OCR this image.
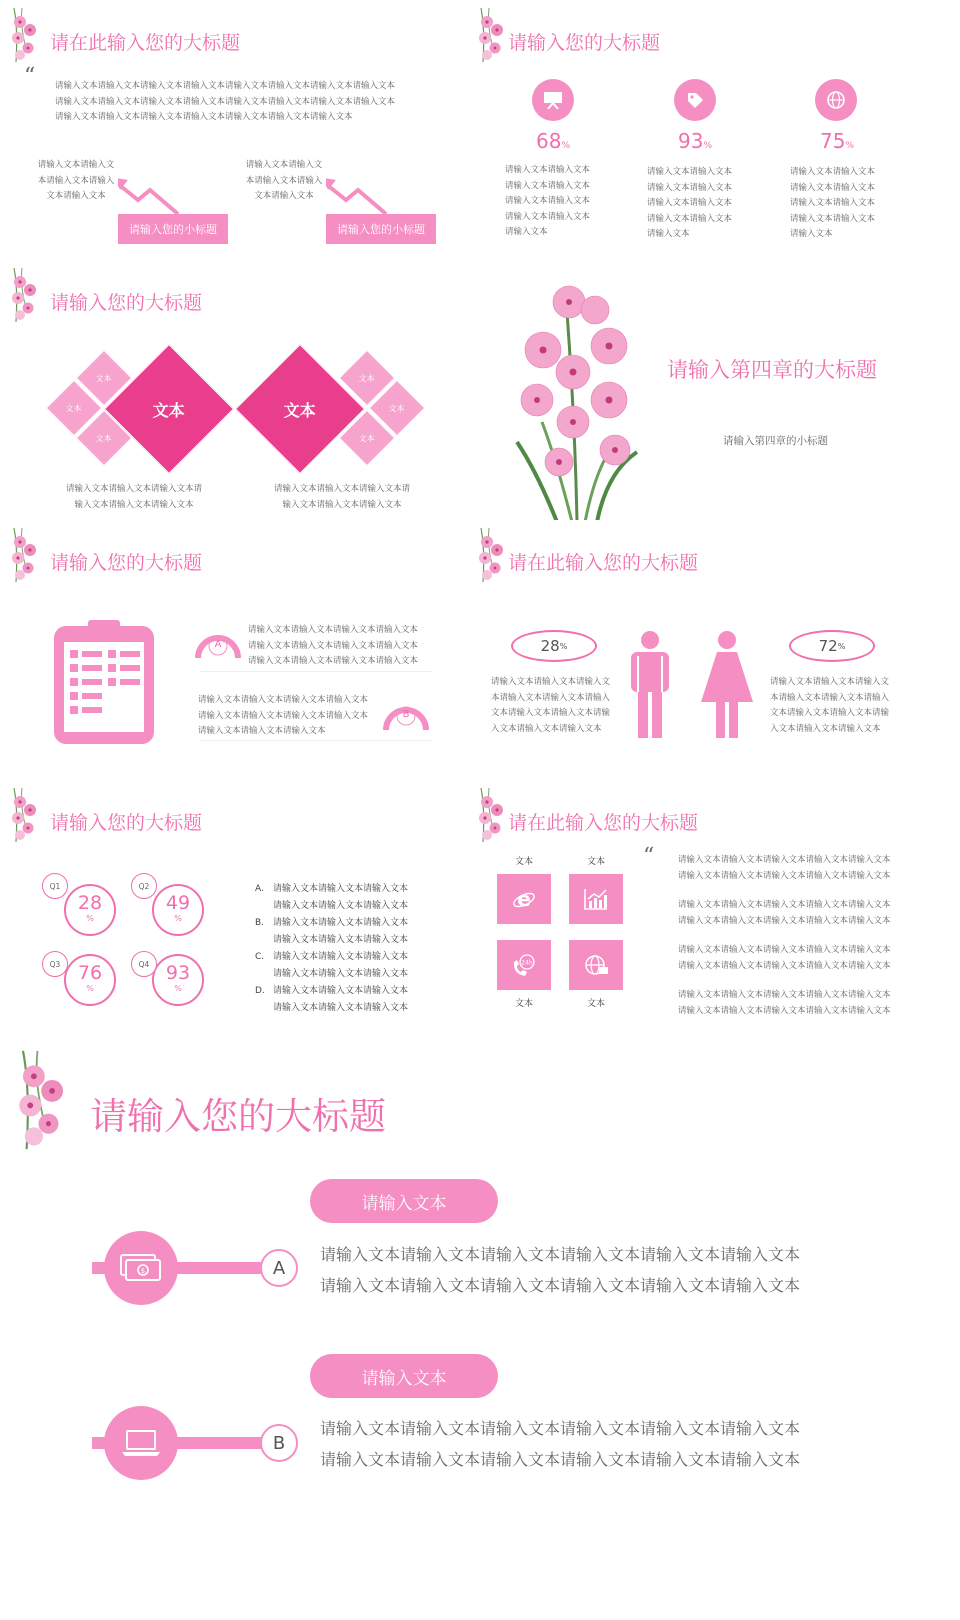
请在此输入您的大标题
“ 请输入文本请输入文本请输入文本请输入文本请输入文本请输入文本请输入文本请输入文本
请输入文本请输入文本请输入文本请输入文本请输入文本请输入文本请输入文本请输入文本
请输入文本请输入文本请输入文本请输入文本请输入文本请输入文本请输入文本
请输入文本请输入文
本请输入文本请输入
文本请输入文本
请输入您的小标题
请输入文本请输入文
本请输入文本请输入
文本请输入文本
请输入您的小标题
请输入您的大标题
68%
请输入文本请输入文本
请输入文本请输入文本
请输入文本请输入文本
请输入文本请输入文本
请输入文本
93%
请输入文本请输入文本
请输入文本请输入文本
请输入文本请输入文本
请输入文本请输入文本
请输入文本
75%
请输入文本请输入文本
请输入文本请输入文本
请输入文本请输入文本
请输入文本请输入文本
请输入文本
请输入您的大标题
文本
文本
文本
文本	文本
文本
文本
文本
请输入文本请输入文本请输入文本请
输入文本请输入文本请输入文本
请输入文本请输入文本请输入文本请
输入文本请输入文本请输入文本
请输入第四章的大标题
请输入第四章的小标题
请输入您的大标题
A
请输入文本请输入文本请输入文本请输入文本
请输入文本请输入文本请输入文本请输入文本
请输入文本请输入文本请输入文本请输入文本
请输入文本请输入文本请输入文本请输入文本
请输入文本请输入文本请输入文本请输入文本
请输入文本请输入文本请输入文本
B
请在此输入您的大标题
28 %
请输入文本请输入文本请输入文
本请输入文本请输入文本请输入
文本请输入文本请输入文本请输
入文本请输入文本请输入文本
72 %
请输入文本请输入文本请输入文
本请输入文本请输入文本请输入
文本请输入文本请输入文本请输
入文本请输入文本请输入文本
请输入您的大标题
28
%
Q1
49
%
Q2
76
%
Q3	93
%
Q4
A.	请输入文本请输入文本请输入文本
请输入文本请输入文本请输入文本
B. 请输入文本请输入文本请输入文本
请输入文本请输入文本请输入文本
C. 请输入文本请输入文本请输入文本
请输入文本请输入文本请输入文本
D. 请输入文本请输入文本请输入文本
请输入文本请输入文本请输入文本
请在此输入您的大标题
文本	文本
e
24h
文本	文本
“	请输入文本请输入文本请输入文本请输入文本请输入文本
请输入文本请输入文本请输入文本请输入文本请输入文本
请输入文本请输入文本请输入文本请输入文本请输入文本
请输入文本请输入文本请输入文本请输入文本请输入文本
请输入文本请输入文本请输入文本请输入文本请输入文本
请输入文本请输入文本请输入文本请输入文本请输入文本
请输入文本请输入文本请输入文本请输入文本请输入文本
请输入文本请输入文本请输入文本请输入文本请输入文本
请输入您的大标题
请输入文本
$	A
请输入文本请输入文本请输入文本请输入文本请输入文本请输入文本
请输入文本请输入文本请输入文本请输入文本请输入文本请输入文本
请输入文本
B
请输入文本请输入文本请输入文本请输入文本请输入文本请输入文本
请输入文本请输入文本请输入文本请输入文本请输入文本请输入文本
